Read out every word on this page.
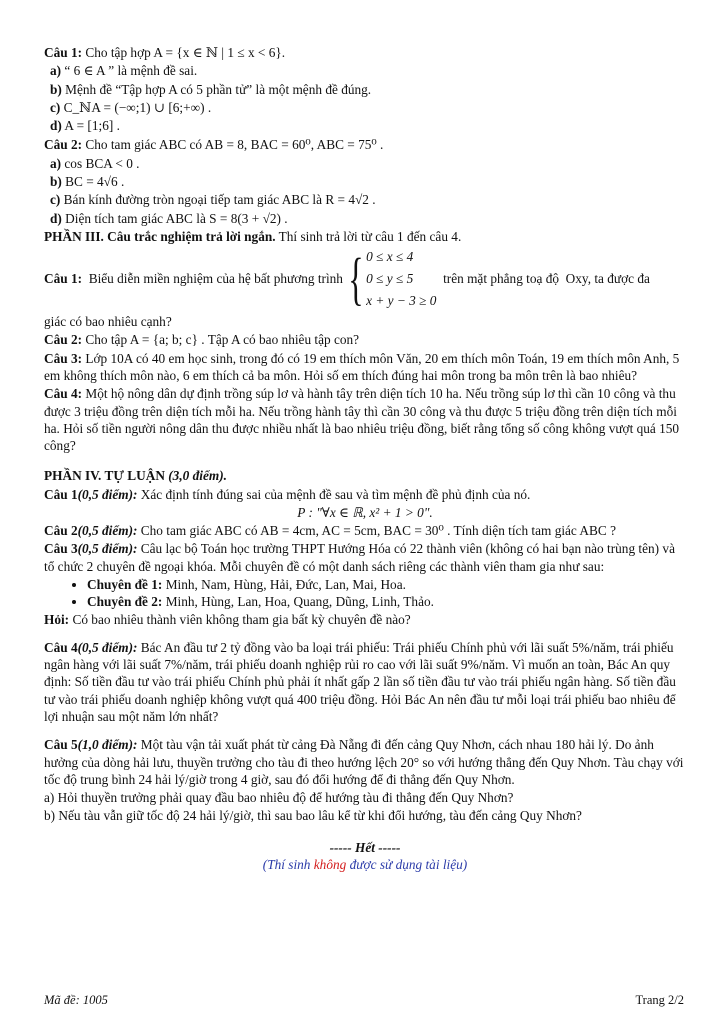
Câu 1: Cho tập hợp A = {x ∈ ℕ | 1 ≤ x < 6}.

a) “ 6 ∈ A ” là mệnh đề sai.

b) Mệnh đề “Tập hợp A có 5 phần tử” là một mệnh đề đúng.

c) C_ℕA = (−∞;1) ∪ [6;+∞) .

d) A = [1;6] .

Câu 2: Cho tam giác ABC có AB = 8, BAC = 60⁰, ABC = 75⁰ .

a) cos BCA < 0 .

b) BC = 4√6 .

c) Bán kính đường tròn ngoại tiếp tam giác ABC là R = 4√2 .

d) Diện tích tam giác ABC là S = 8(3 + √2) .

PHẦN III. Câu trắc nghiệm trả lời ngắn. Thí sinh trả lời từ câu 1 đến câu 4.

Câu 1: Biểu diễn miền nghiệm của hệ bất phương trình { 0 ≤ x ≤ 4
0 ≤ y ≤ 5
x + y − 3 ≥ 0
trên mặt phẳng toạ độ  Oxy, ta được đa

giác có bao nhiêu cạnh?

Câu 2: Cho tập A = {a; b; c} . Tập A có bao nhiêu tập con?

Câu 3: Lớp 10A có 40 em học sinh, trong đó có 19 em thích môn Văn, 20 em thích môn Toán, 19 em thích môn Anh, 5 em không thích môn nào, 6 em thích cả ba môn. Hỏi số em thích đúng hai môn trong ba môn trên là bao nhiêu?

Câu 4: Một hộ nông dân dự định trồng súp lơ và hành tây trên diện tích 10 ha. Nếu trồng súp lơ thì cần 10 công và thu được 3 triệu đồng trên diện tích mỗi ha. Nếu trồng hành tây thì cần 30 công và thu được 5 triệu đồng trên diện tích mỗi ha. Hỏi số tiền người nông dân thu được nhiều nhất là bao nhiêu triệu đồng, biết rằng tổng số công không vượt quá 150 công?

PHẦN IV. TỰ LUẬN (3,0 điểm).

Câu 1(0,5 điểm): Xác định tính đúng sai của mệnh đề sau và tìm mệnh đề phủ định của nó.

P : "∀x ∈ ℝ, x² + 1 > 0".

Câu 2(0,5 điểm): Cho tam giác ABC có AB = 4cm, AC = 5cm, BAC = 30⁰ . Tính diện tích tam giác ABC ?

Câu 3(0,5 điểm): Câu lạc bộ Toán học trường THPT Hướng Hóa có 22 thành viên (không có hai bạn nào trùng tên) và tổ chức 2 chuyên đề ngoại khóa. Mỗi chuyên đề có một danh sách riêng các thành viên tham gia như sau:

• Chuyên đề 1: Minh, Nam, Hùng, Hải, Đức, Lan, Mai, Hoa.
• Chuyên đề 2: Minh, Hùng, Lan, Hoa, Quang, Dũng, Linh, Thảo.

Hỏi: Có bao nhiêu thành viên không tham gia bất kỳ chuyên đề nào?

Câu 4(0,5 điểm): Bác An đầu tư 2 tỷ đồng vào ba loại trái phiếu: Trái phiếu Chính phủ với lãi suất 5%/năm, trái phiếu ngân hàng với lãi suất 7%/năm, trái phiếu doanh nghiệp rủi ro cao với lãi suất 9%/năm. Vì muốn an toàn, Bác An quy định: Số tiền đầu tư vào trái phiếu Chính phủ phải ít nhất gấp 2 lần số tiền đầu tư vào trái phiếu ngân hàng. Số tiền đầu tư vào trái phiếu doanh nghiệp không vượt quá 400 triệu đồng. Hỏi Bác An nên đầu tư mỗi loại trái phiếu bao nhiêu để lợi nhuận sau một năm lớn nhất?

Câu 5(1,0 điểm): Một tàu vận tải xuất phát từ cảng Đà Nẵng đi đến cảng Quy Nhơn, cách nhau 180 hải lý. Do ảnh hưởng của dòng hải lưu, thuyền trưởng cho tàu đi theo hướng lệch 20° so với hướng thẳng đến Quy Nhơn. Tàu chạy với tốc độ trung bình 24 hải lý/giờ trong 4 giờ, sau đó đổi hướng để đi thẳng đến Quy Nhơn.

a) Hỏi thuyền trưởng phải quay đầu bao nhiêu độ để hướng tàu đi thẳng đến Quy Nhơn?

b) Nếu tàu vẫn giữ tốc độ 24 hải lý/giờ, thì sau bao lâu kể từ khi đổi hướng, tàu đến cảng Quy Nhơn?

----- Hết -----

(Thí sinh không được sử dụng tài liệu)

Mã đề: 1005	Trang 2/2
